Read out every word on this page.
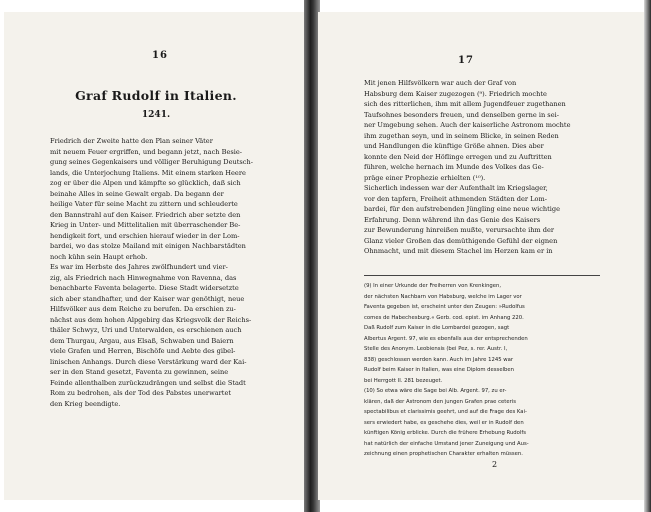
16
Graf Rudolf in Italien.
1241.
Friedrich der Zweite hatte den Plan seiner Väter
mit neuem Feuer ergriffen, und begann jetzt, nach Besie-
gung seines Gegenkaisers und völliger Beruhigung Deutsch-
lands, die Unterjochung Italiens. Mit einem starken Heere
zog er über die Alpen und kämpfte so glücklich, daß sich
beinahe Alles in seine Gewalt ergab. Da begann der
heilige Vater für seine Macht zu zittern und schleuderte
den Bannstrahl auf den Kaiser. Friedrich aber setzte den
Krieg in Unter- und Mittelitalien mit überraschender Be-
hendigkeit fort, und erschien hierauf wieder in der Lom-
bardei, wo das stolze Mailand mit einigen Nachbarstädten
noch kühn sein Haupt erhob.
Es war im Herbste des Jahres zwölfhundert und vier-
zig, als Friedrich nach Hinwegnahme von Ravenna, das
benachbarte Faventa belagerte. Diese Stadt widersetzte
sich aber standhafter, und der Kaiser war genöthigt, neue
Hilfsvölker aus dem Reiche zu berufen. Da erschien zu-
nächst aus dem hohen Alpgebirg das Kriegsvolk der Reichs-
thäler Schwyz, Uri und Unterwalden, es erschienen auch
dem Thurgau, Argau, aus Elsaß, Schwaben und Baiern
viele Grafen und Herren, Bischöfe und Aebte des gibel-
linischen Anhangs. Durch diese Verstärkung ward der Kai-
ser in den Stand gesetzt, Faventa zu gewinnen, seine
Feinde allenthalben zurückzudrängen und selbst die Stadt
Rom zu bedrohen, als der Tod des Pabstes unerwartet
den Krieg beendigte.
17
Mit jenen Hilfsvölkern war auch der Graf von
Habsburg dem Kaiser zugezogen (⁹). Friedrich mochte
sich des ritterlichen, ihm mit allem Jugendfeuer zugethanen
Taufsohnes besonders freuen, und denselben gerne in sei-
ner Umgebung sehen. Auch der kaiserliche Astronom mochte
ihm zugethan seyn, und in seinem Blicke, in seinen Reden
und Handlungen die künftige Größe ahnen. Dies aber
konnte den Neid der Höflinge erregen und zu Auftritten
führen, welche hernach im Munde des Volkes das Ge-
präge einer Prophezie erhielten (¹⁰).
Sicherlich indessen war der Aufenthalt im Kriegslager,
vor den tapfern, Freiheit athmenden Städten der Lom-
bardei, für den aufstrebenden Jüngling eine neue wichtige
Erfahrung. Denn während ihn das Genie des Kaisers
zur Bewunderung hinreißen mußte, verursachte ihm der
Glanz vieler Großen das demüthigende Gefühl der eignen
Ohnmacht, und mit diesem Stachel im Herzen kam er in
(9) In einer Urkunde der Freiherren von Krenkingen,
der nächsten Nachbarn von Habsburg, welche im Lager vor
Faventa gegeben ist, erscheint unter den Zeugen: »Rudolfus
comes de Habechesburg.« Gerb. cod. epist. im Anhang 220.
Daß Rudolf zum Kaiser in die Lombardei gezogen, sagt
Albertus Argent. 97, wie es ebenfalls aus der entsprechenden
Stelle des Anonym. Leobiensis (bei Pez, s. rer. Austr. I,
838) geschlossen werden kann. Auch im Jahre 1245 war
Rudolf beim Kaiser in Italien, was eine Diplom desselben
bei Herrgott II. 281 bezeuget.
(10) So etwa wäre die Sage bei Alb. Argent. 97, zu er-
klären, daß der Astronom den jungen Grafen prae ceteris
spectabilibus et clarissimis geehrt, und auf die Frage des Kai-
sers erwiedert habe, es geschehe dies, weil er in Rudolf den
künftigen König erblicke. Durch die frühere Erhebung Rudolfs
hat natürlich der einfache Umstand jener Zuneigung und Aus-
zeichnung einen prophetischen Charakter erhalten müssen.
2
